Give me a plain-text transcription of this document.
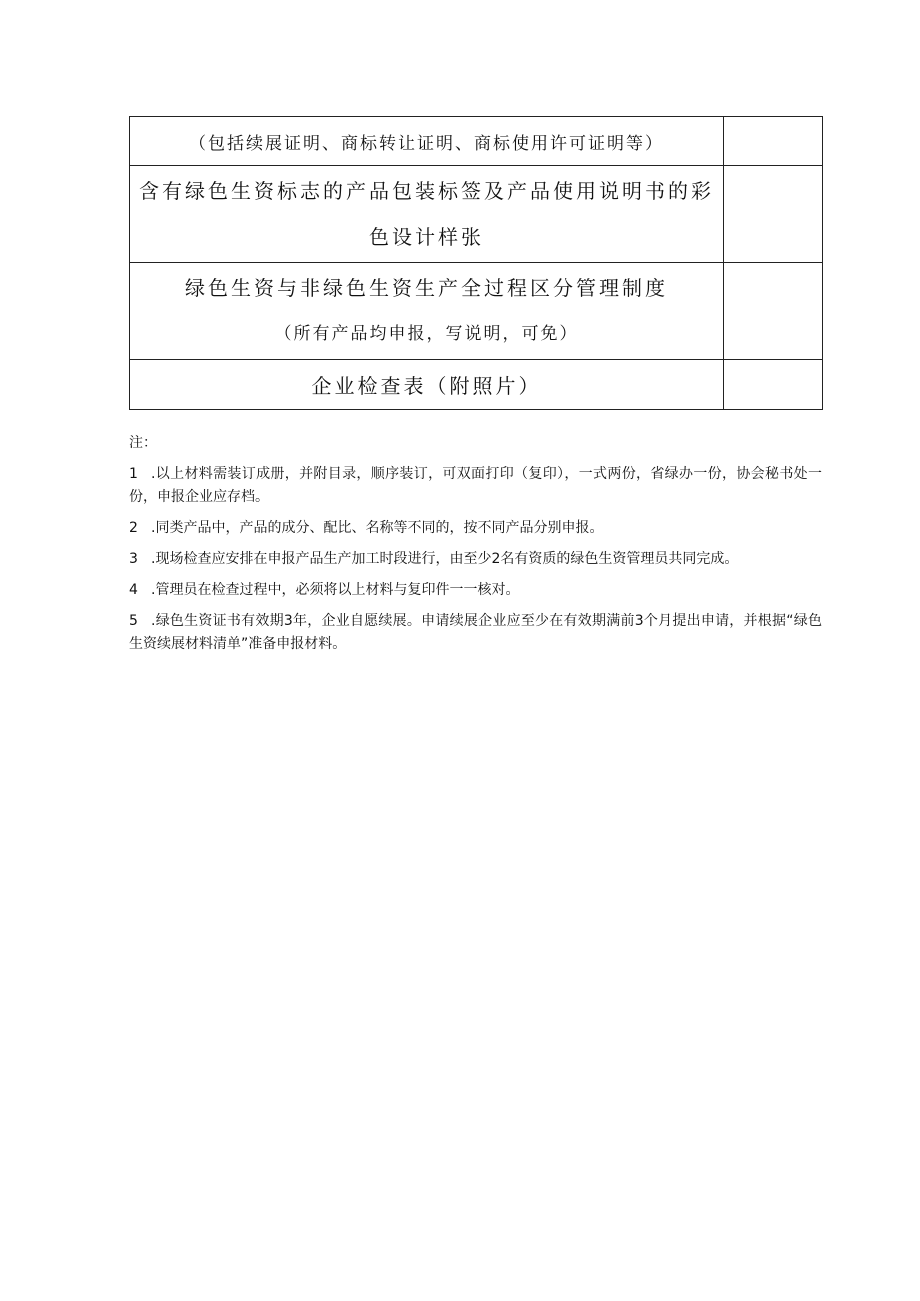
（包括续展证明、商标转让证明、商标使用许可证明等）	

含有绿色生资标志的产品包装标签及产品使用说明书的彩
色设计样张	

绿色生资与非绿色生资生产全过程区分管理制度
（所有产品均申报，写说明，可免）	

企业检查表（附照片）	

注：

1 .以上材料需装订成册，并附目录，顺序装订，可双面打印（复印），一式两份，省绿办一份，协会秘书处一份，申报企业应存档。

2 .同类产品中，产品的成分、配比、名称等不同的，按不同产品分别申报。

3 .现场检查应安排在申报产品生产加工时段进行，由至少2名有资质的绿色生资管理员共同完成。

4 .管理员在检查过程中，必须将以上材料与复印件一一核对。

5 .绿色生资证书有效期3年，企业自愿续展。申请续展企业应至少在有效期满前3个月提出申请，并根据“绿色生资续展材料清单”准备申报材料。
